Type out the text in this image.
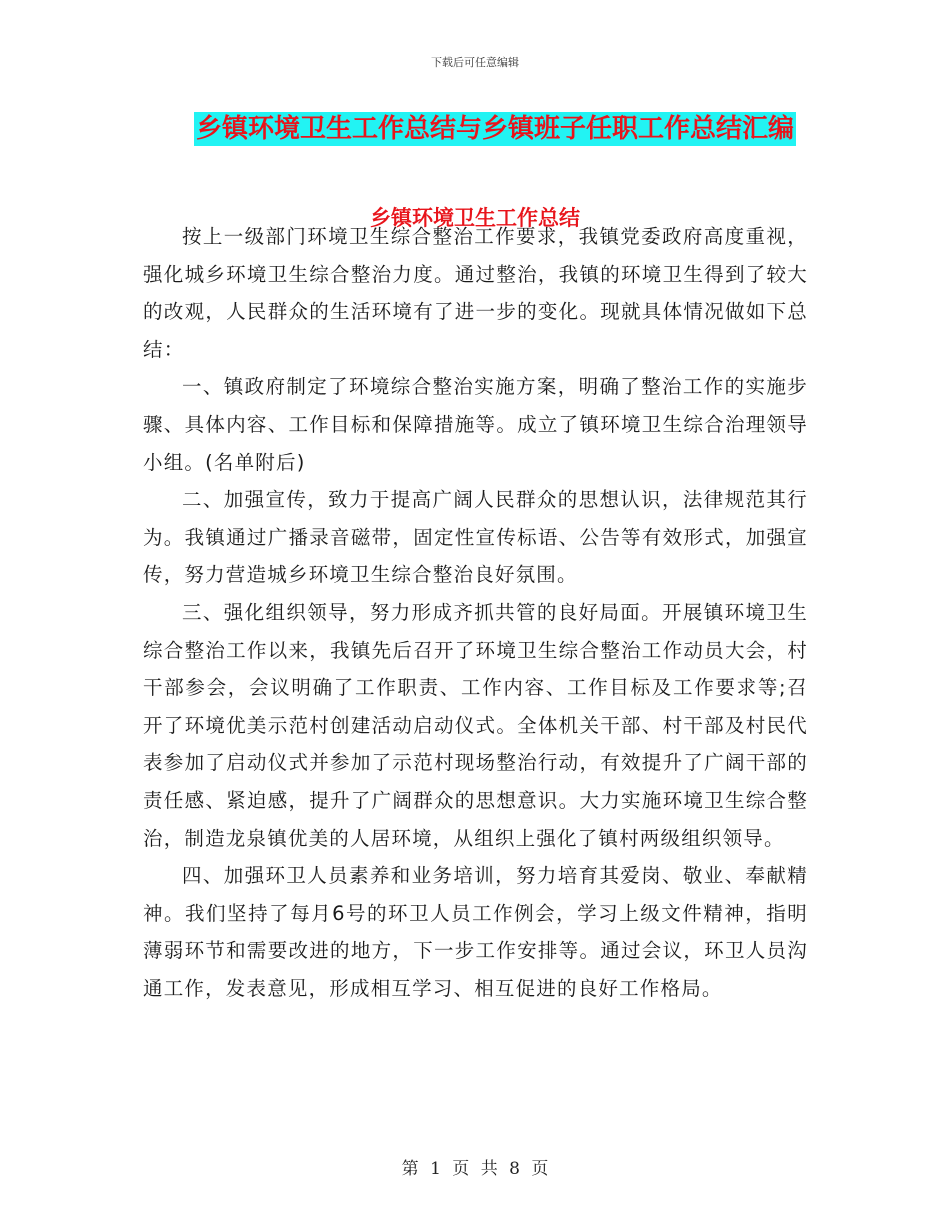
下载后可任意编辑
乡镇环境卫生工作总结与乡镇班子任职工作总结汇编
乡镇环境卫生工作总结

按上一级部门环境卫生综合整治工作要求，我镇党委政府高度重视，强化城乡环境卫生综合整治力度。通过整治，我镇的环境卫生得到了较大的改观，人民群众的生活环境有了进一步的变化。现就具体情况做如下总结：

一、镇政府制定了环境综合整治实施方案，明确了整治工作的实施步骤、具体内容、工作目标和保障措施等。成立了镇环境卫生综合治理领导小组。(名单附后)

二、加强宣传，致力于提高广阔人民群众的思想认识，法律规范其行为。我镇通过广播录音磁带，固定性宣传标语、公告等有效形式，加强宣传，努力营造城乡环境卫生综合整治良好氛围。

三、强化组织领导，努力形成齐抓共管的良好局面。开展镇环境卫生综合整治工作以来，我镇先后召开了环境卫生综合整治工作动员大会，村干部参会，会议明确了工作职责、工作内容、工作目标及工作要求等;召开了环境优美示范村创建活动启动仪式。全体机关干部、村干部及村民代表参加了启动仪式并参加了示范村现场整治行动，有效提升了广阔干部的责任感、紧迫感，提升了广阔群众的思想意识。大力实施环境卫生综合整治，制造龙泉镇优美的人居环境，从组织上强化了镇村两级组织领导。

四、加强环卫人员素养和业务培训，努力培育其爱岗、敬业、奉献精神。我们坚持了每月6号的环卫人员工作例会，学习上级文件精神，指明薄弱环节和需要改进的地方，下一步工作安排等。通过会议，环卫人员沟通工作，发表意见，形成相互学习、相互促进的良好工作格局。

第 1 页 共 8 页
